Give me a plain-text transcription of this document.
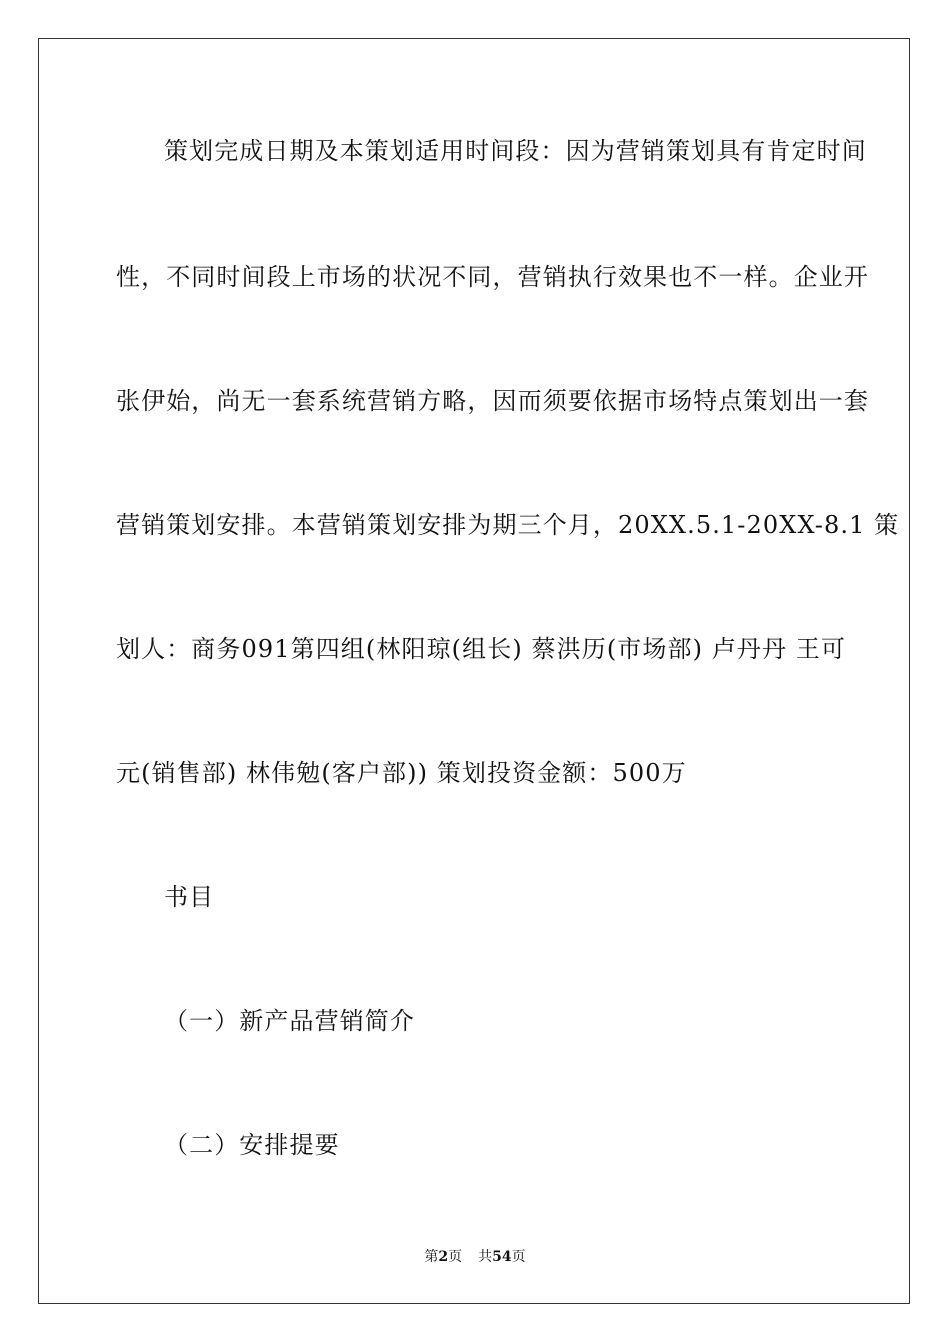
策划完成日期及本策划适用时间段：因为营销策划具有肯定时间
性，不同时间段上市场的状况不同，营销执行效果也不一样。企业开
张伊始，尚无一套系统营销方略，因而须要依据市场特点策划出一套
营销策划安排。本营销策划安排为期三个月，20XX.5.1-20XX-8.1 策
划人：商务091第四组(林阳琼(组长) 蔡洪历(市场部) 卢丹丹 王可
元(销售部) 林伟勉(客户部)) 策划投资金额：500万
书目
（一）新产品营销简介
（二）安排提要
第2页 共54页
